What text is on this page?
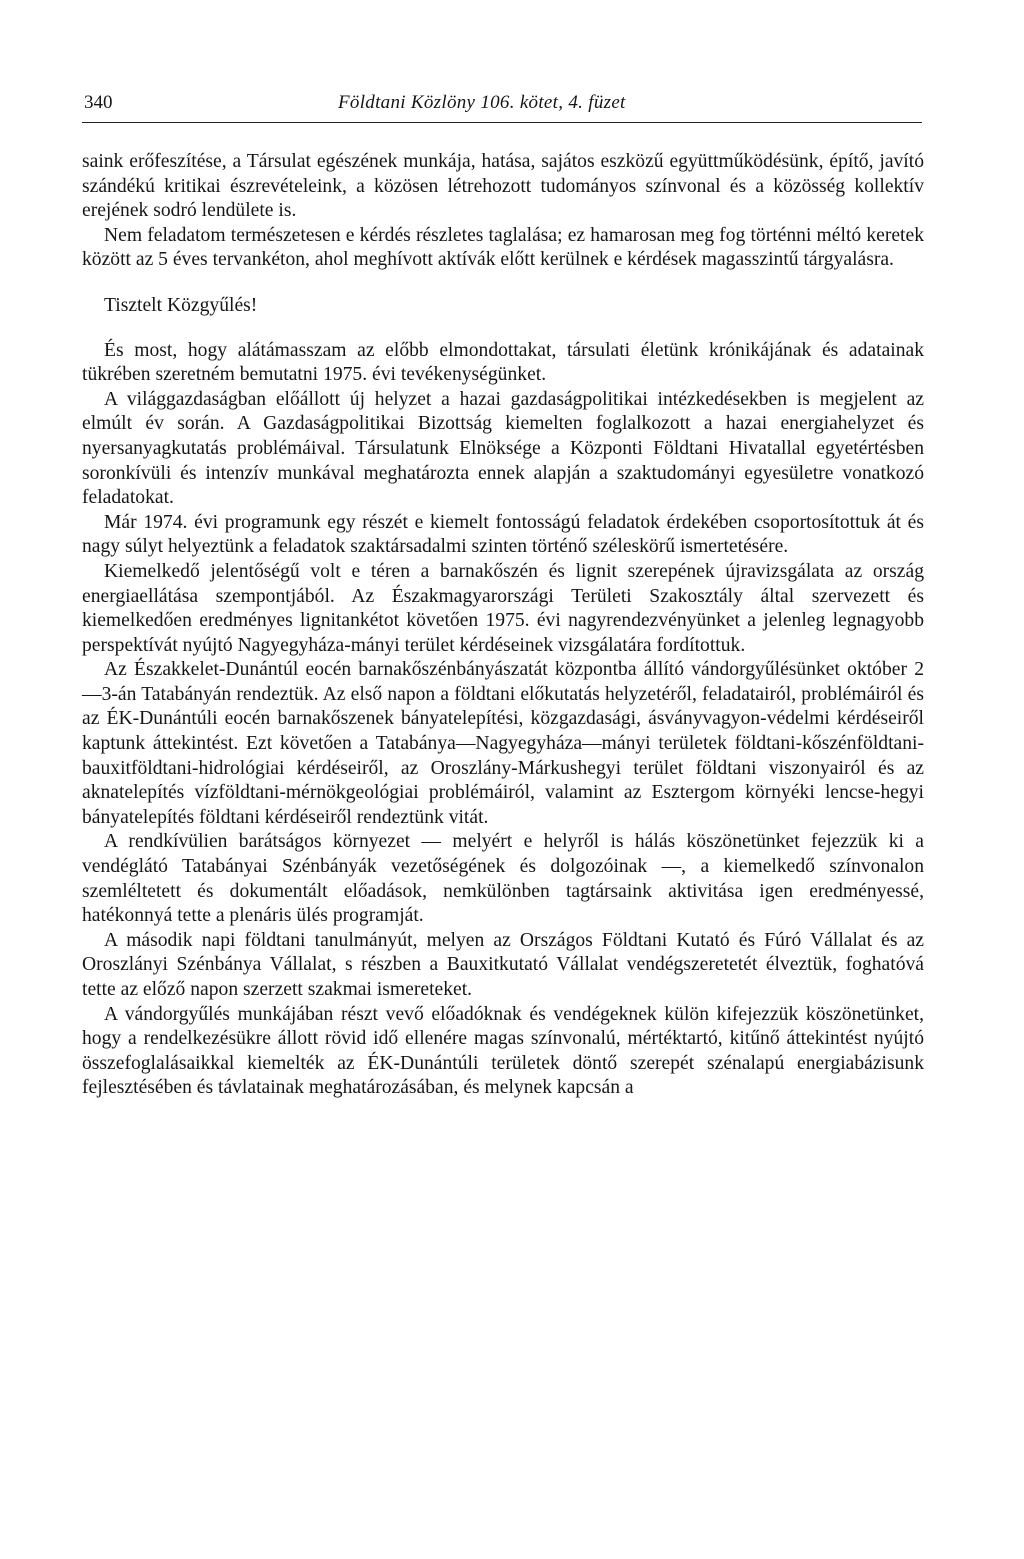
340	Földtani Közlöny 106. kötet, 4. füzet

saink erőfeszítése, a Társulat egészének munkája, hatása, sajátos eszközű együttműködésünk, építő, javító szándékú kritikai észrevételeink, a közösen létrehozott tudományos színvonal és a közösség kollektív erejének sodró lendülete is.

Nem feladatom természetesen e kérdés részletes taglalása; ez hamarosan meg fog történni méltó keretek között az 5 éves tervankéton, ahol meghívott aktívák előtt kerülnek e kérdések magasszintű tárgyalásra.

Tisztelt Közgyűlés!

És most, hogy alátámasszam az előbb elmondottakat, társulati életünk krónikájának és adatainak tükrében szeretném bemutatni 1975. évi tevékenységünket.

A világgazdaságban előállott új helyzet a hazai gazdaságpolitikai intézkedésekben is megjelent az elmúlt év során. A Gazdaságpolitikai Bizottság kiemelten foglalkozott a hazai energiahelyzet és nyersanyagkutatás problémáival. Társulatunk Elnöksége a Központi Földtani Hivatallal egyetértésben soronkívüli és intenzív munkával meghatározta ennek alapján a szaktudományi egyesületre vonatkozó feladatokat.

Már 1974. évi programunk egy részét e kiemelt fontosságú feladatok érdekében csoportosítottuk át és nagy súlyt helyeztünk a feladatok szaktársadalmi szinten történő széleskörű ismertetésére.

Kiemelkedő jelentőségű volt e téren a barnakőszén és lignit szerepének újravizsgálata az ország energiaellátása szempontjából. Az Északmagyarországi Területi Szakosztály által szervezett és kiemelkedően eredményes lignitankétot követően 1975. évi nagyrendezvényünket a jelenleg legnagyobb perspektívát nyújtó Nagyegyháza-mányi terület kérdéseinek vizsgálatára fordítottuk.

Az Északkelet-Dunántúl eocén barnakőszénbányászatát központba állító vándorgyűlésünket október 2—3-án Tatabányán rendeztük. Az első napon a földtani előkutatás helyzetéről, feladatairól, problémáiról és az ÉK-Dunántúli eocén barnakőszenek bányatelepítési, közgazdasági, ásványvagyon-védelmi kérdéseiről kaptunk áttekintést. Ezt követően a Tatabánya—Nagyegyháza—mányi területek földtani-kőszénföldtani-bauxitföldtani-hidrológiai kérdéseiről, az Oroszlány-Márkushegyi terület földtani viszonyairól és az aknatelepítés vízföldtani-mérnökgeológiai problémáiról, valamint az Esztergom környéki lencse-hegyi bányatelepítés földtani kérdéseiről rendeztünk vitát.

A rendkívülien barátságos környezet — melyért e helyről is hálás köszönetünket fejezzük ki a vendéglátó Tatabányai Szénbányák vezetőségének és dolgozóinak —, a kiemelkedő színvonalon szemléltetett és dokumentált előadások, nemkülönben tagtársaink aktivitása igen eredményessé, hatékonnyá tette a plenáris ülés programját.

A második napi földtani tanulmányút, melyen az Országos Földtani Kutató és Fúró Vállalat és az Oroszlányi Szénbánya Vállalat, s részben a Bauxitkutató Vállalat vendégszeretetét élveztük, foghatóvá tette az előző napon szerzett szakmai ismereteket.

A vándorgyűlés munkájában részt vevő előadóknak és vendégeknek külön kifejezzük köszönetünket, hogy a rendelkezésükre állott rövid idő ellenére magas színvonalú, mértéktartó, kitűnő áttekintést nyújtó összefoglalásaikkal kiemelték az ÉK-Dunántúli területek döntő szerepét szénalapú energiabázisunk fejlesztésében és távlatainak meghatározásában, és melynek kapcsán a
